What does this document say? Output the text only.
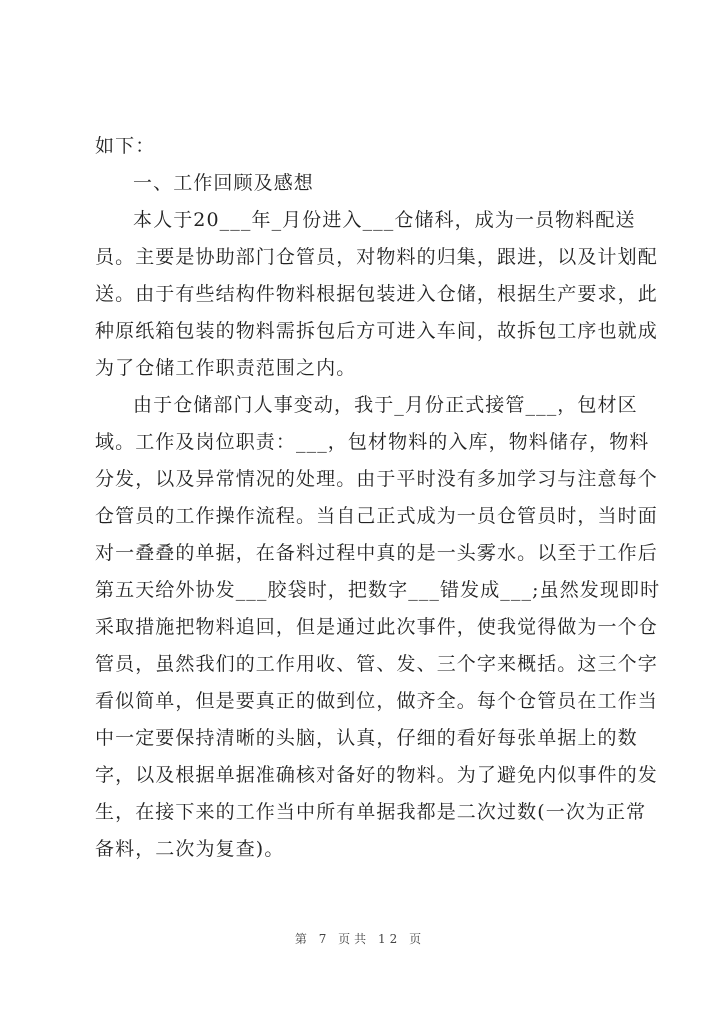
如下：
一、工作回顾及感想
本人于20___年_月份进入___仓储科，成为一员物料配送
员。主要是协助部门仓管员，对物料的归集，跟进，以及计划配
送。由于有些结构件物料根据包装进入仓储，根据生产要求，此
种原纸箱包装的物料需拆包后方可进入车间，故拆包工序也就成
为了仓储工作职责范围之内。
由于仓储部门人事变动，我于_月份正式接管___，包材区
域。工作及岗位职责：___，包材物料的入库，物料储存，物料
分发，以及异常情况的处理。由于平时没有多加学习与注意每个
仓管员的工作操作流程。当自己正式成为一员仓管员时，当时面
对一叠叠的单据，在备料过程中真的是一头雾水。以至于工作后
第五天给外协发___胶袋时，把数字___错发成___;虽然发现即时
采取措施把物料追回，但是通过此次事件，使我觉得做为一个仓
管员，虽然我们的工作用收、管、发、三个字来概括。这三个字
看似简单，但是要真正的做到位，做齐全。每个仓管员在工作当
中一定要保持清晰的头脑，认真，仔细的看好每张单据上的数
字，以及根据单据准确核对备好的物料。为了避免内似事件的发
生，在接下来的工作当中所有单据我都是二次过数(一次为正常
备料，二次为复查)。
第 7 页共 12 页
